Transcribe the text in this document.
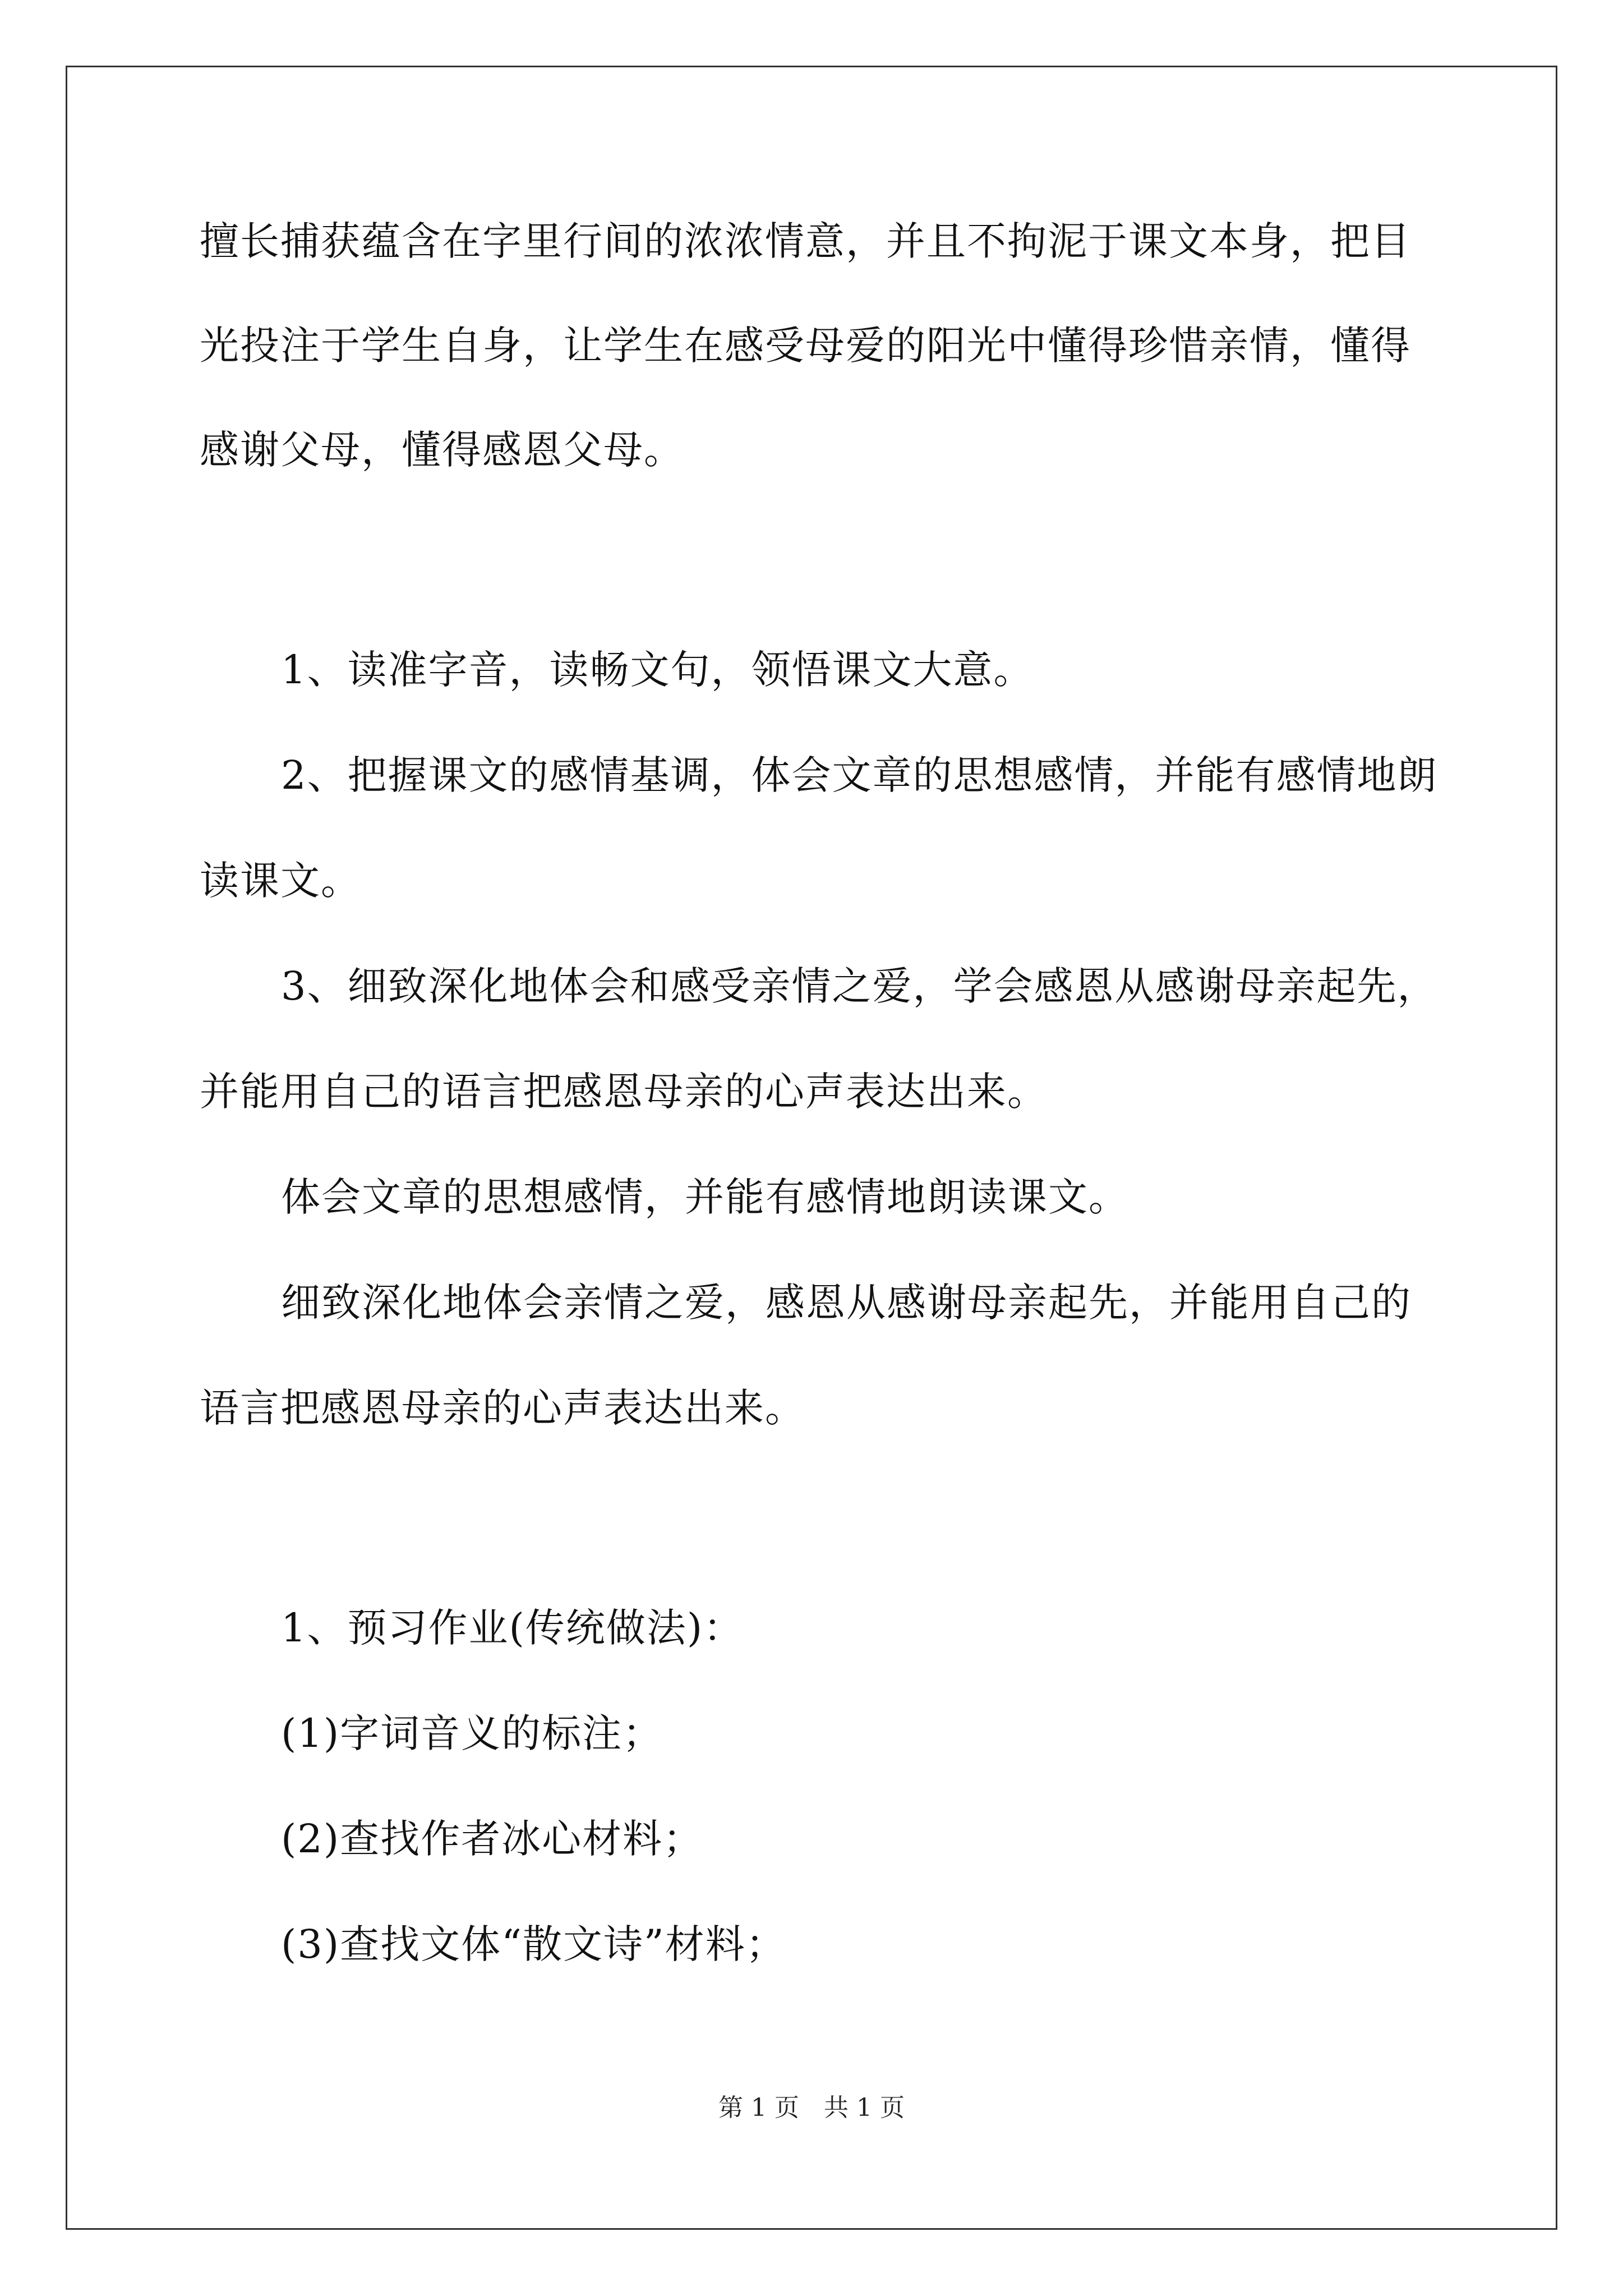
擅长捕获蕴含在字里行间的浓浓情意，并且不拘泥于课文本身，把目
光投注于学生自身，让学生在感受母爱的阳光中懂得珍惜亲情，懂得
感谢父母，懂得感恩父母。
1、读准字音，读畅文句，领悟课文大意。
2、把握课文的感情基调，体会文章的思想感情，并能有感情地朗
读课文。
3、细致深化地体会和感受亲情之爱，学会感恩从感谢母亲起先，
并能用自己的语言把感恩母亲的心声表达出来。
体会文章的思想感情，并能有感情地朗读课文。
细致深化地体会亲情之爱，感恩从感谢母亲起先，并能用自己的
语言把感恩母亲的心声表达出来。
1、预习作业(传统做法)：
(1)字词音义的标注；
(2)查找作者冰心材料；
(3)查找文体“散文诗”材料；
第 1 页　共 1 页
